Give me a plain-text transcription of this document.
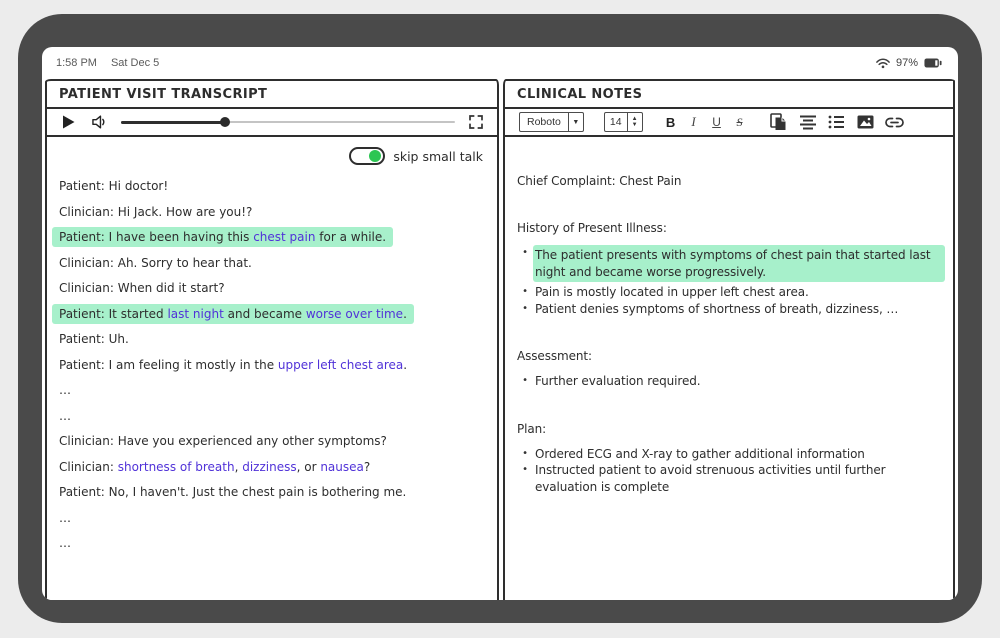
1:58 PM Sat Dec 5	97%
PATIENT VISIT TRANSCRIPT
skip small talk
Patient: Hi doctor!
Clinician: Hi Jack. How are you!?
Patient: I have been having this chest pain for a while.
Clinician: Ah. Sorry to hear that.
Clinician: When did it start?
Patient: It started last night and became worse over time.
Patient: Uh.
Patient: I am feeling it mostly in the upper left chest area.
…
…
Clinician: Have you experienced any other symptoms?
Clinician: shortness of breath, dizziness, or nausea?
Patient: No, I haven't. Just the chest pain is bothering me.
…
…
CLINICAL NOTES
Roboto	▼	14	▲
▼ B	I	U	S
Chief Complaint: Chest Pain
History of Present Illness:
• The patient presents with symptoms of chest pain that started last night and became worse progressively.
• Pain is mostly located in upper left chest area.
• Patient denies symptoms of shortness of breath, dizziness, …
Assessment:
• Further evaluation required.
Plan:
• Ordered ECG and X-ray to gather additional information
• Instructed patient to avoid strenuous activities until further evaluation is complete
